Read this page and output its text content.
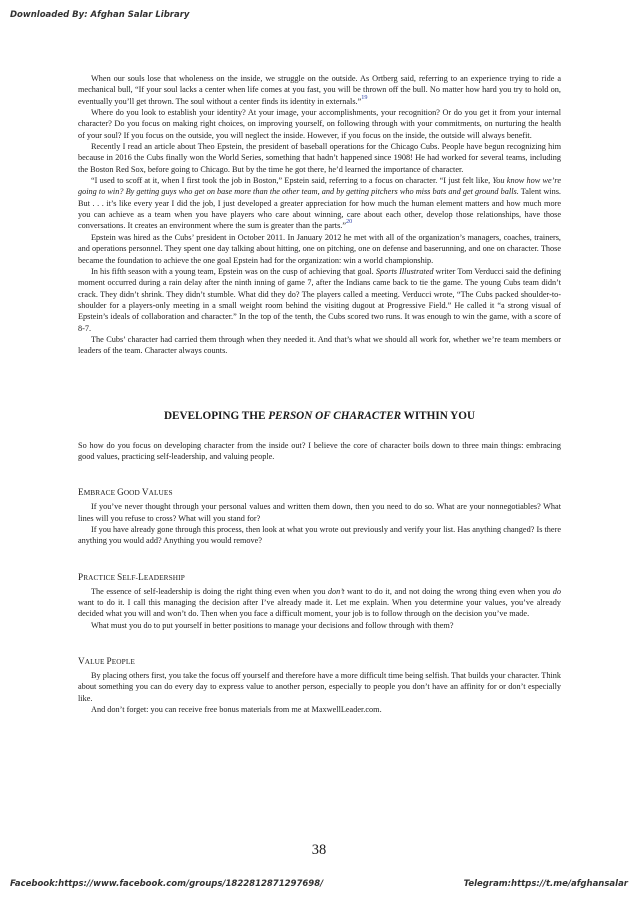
Downloaded By: Afghan Salar Library

When our souls lose that wholeness on the inside, we struggle on the outside. As Ortberg said, referring to an experience trying to ride a mechanical bull, “If your soul lacks a center when life comes at you fast, you will be thrown off the bull. No matter how hard you try to hold on, eventually you’ll get thrown. The soul without a center finds its identity in externals.”$^{19}$

Where do you look to establish your identity? At your image, your accomplishments, your recognition? Or do you get it from your internal character? Do you focus on making right choices, on improving yourself, on following through with your commitments, on nurturing the health of your soul? If you focus on the outside, you will neglect the inside. However, if you focus on the inside, the outside will always benefit.

Recently I read an article about Theo Epstein, the president of baseball operations for the Chicago Cubs. People have begun recognizing him because in 2016 the Cubs finally won the World Series, something that hadn’t happened since 1908! He had worked for several teams, including the Boston Red Sox, before going to Chicago. But by the time he got there, he’d learned the importance of character.

“I used to scoff at it, when I first took the job in Boston,” Epstein said, referring to a focus on character. “I just felt like, You know how we’re going to win? By getting guys who get on base more than the other team, and by getting pitchers who miss bats and get ground balls. Talent wins. But . . . it’s like every year I did the job, I just developed a greater appreciation for how much the human element matters and how much more you can achieve as a team when you have players who care about winning, care about each other, develop those relationships, have those conversations. It creates an environment where the sum is greater than the parts.”$^{20}$

Epstein was hired as the Cubs’ president in October 2011. In January 2012 he met with all of the organization’s managers, coaches, trainers, and operations personnel. They spent one day talking about hitting, one on pitching, one on defense and baserunning, and one on character. Those became the foundation to achieve the one goal Epstein had for the organization: win a world championship.

In his fifth season with a young team, Epstein was on the cusp of achieving that goal. Sports Illustrated writer Tom Verducci said the defining moment occurred during a rain delay after the ninth inning of game 7, after the Indians came back to tie the game. The young Cubs team didn’t crack. They didn’t shrink. They didn’t stumble. What did they do? The players called a meeting. Verducci wrote, “The Cubs packed shoulder-to-shoulder for a players-only meeting in a small weight room behind the visiting dugout at Progressive Field.” He called it “a strong visual of Epstein’s ideals of collaboration and character.” In the top of the tenth, the Cubs scored two runs. It was enough to win the game, with a score of 8-7.

The Cubs’ character had carried them through when they needed it. And that’s what we should all work for, whether we’re team members or leaders of the team. Character always counts.

DEVELOPING THE PERSON OF CHARACTER WITHIN YOU

So how do you focus on developing character from the inside out? I believe the core of character boils down to three main things: embracing good values, practicing self-leadership, and valuing people.

EMBRACE GOOD VALUES

If you’ve never thought through your personal values and written them down, then you need to do so. What are your nonnegotiables? What lines will you refuse to cross? What will you stand for?

If you have already gone through this process, then look at what you wrote out previously and verify your list. Has anything changed? Is there anything you would add? Anything you would remove?

PRACTICE SELF-LEADERSHIP

The essence of self-leadership is doing the right thing even when you don’t want to do it, and not doing the wrong thing even when you do want to do it. I call this managing the decision after I’ve already made it. Let me explain. When you determine your values, you’ve already decided what you will and won’t do. Then when you face a difficult moment, your job is to follow through on the decision you’ve made.

What must you do to put yourself in better positions to manage your decisions and follow through with them?

VALUE PEOPLE

By placing others first, you take the focus off yourself and therefore have a more difficult time being selfish. That builds your character. Think about something you can do every day to express value to another person, especially to people you don’t have an affinity for or don’t especially like.

And don’t forget: you can receive free bonus materials from me at MaxwellLeader.com.

38
Facebook:https://www.facebook.com/groups/1822812871297698/	Telegram:https://t.me/afghansalar
